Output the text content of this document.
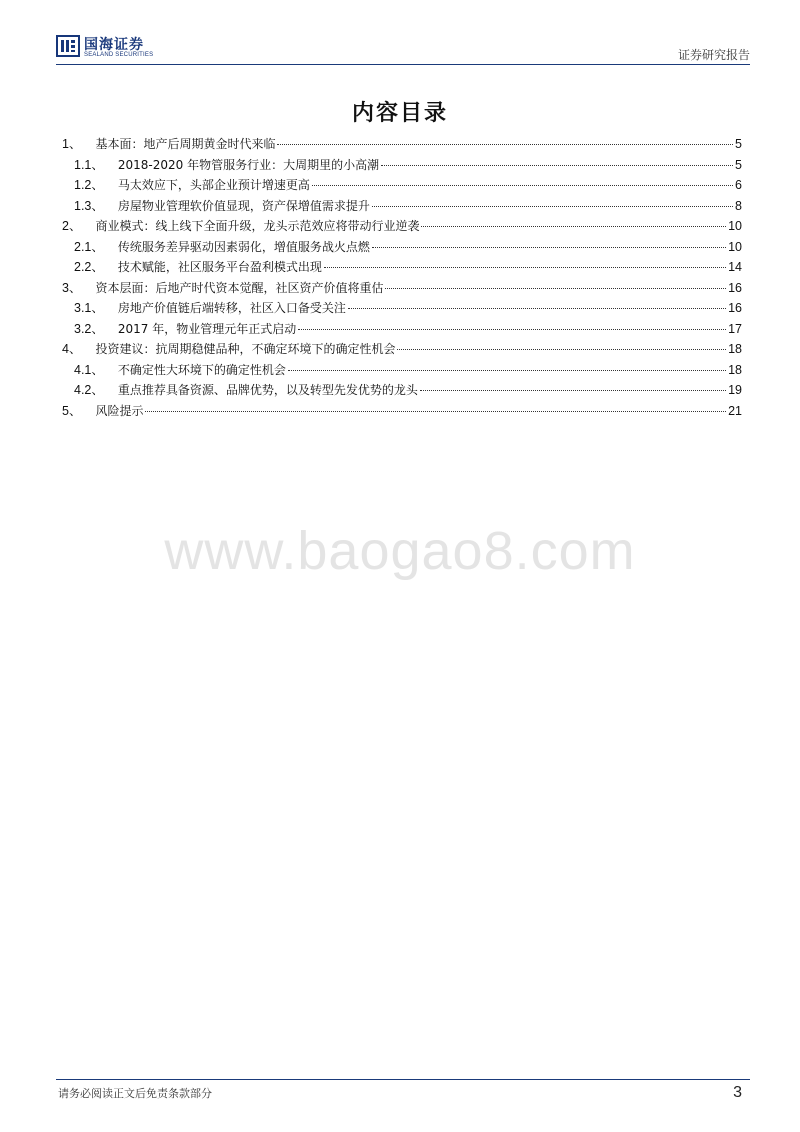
国海证券
SEALAND SECURITIES	证券研究报告
内容目录
1、 基本面：地产后周期黄金时代来临	5
1.1、 2018-2020 年物管服务行业：大周期里的小高潮	5
1.2、 马太效应下，头部企业预计增速更高	6
1.3、 房屋物业管理软价值显现，资产保增值需求提升	8
2、 商业模式：线上线下全面升级，龙头示范效应将带动行业逆袭	10
2.1、 传统服务差异驱动因素弱化，增值服务战火点燃	10
2.2、 技术赋能，社区服务平台盈利模式出现	14
3、 资本层面：后地产时代资本觉醒，社区资产价值将重估	16
3.1、 房地产价值链后端转移，社区入口备受关注	16
3.2、 2017 年，物业管理元年正式启动	17
4、 投资建议：抗周期稳健品种，不确定环境下的确定性机会	18
4.1、 不确定性大环境下的确定性机会	18
4.2、 重点推荐具备资源、品牌优势，以及转型先发优势的龙头	19
5、 风险提示	21
www.baogao8.com
请务必阅读正文后免责条款部分	3
